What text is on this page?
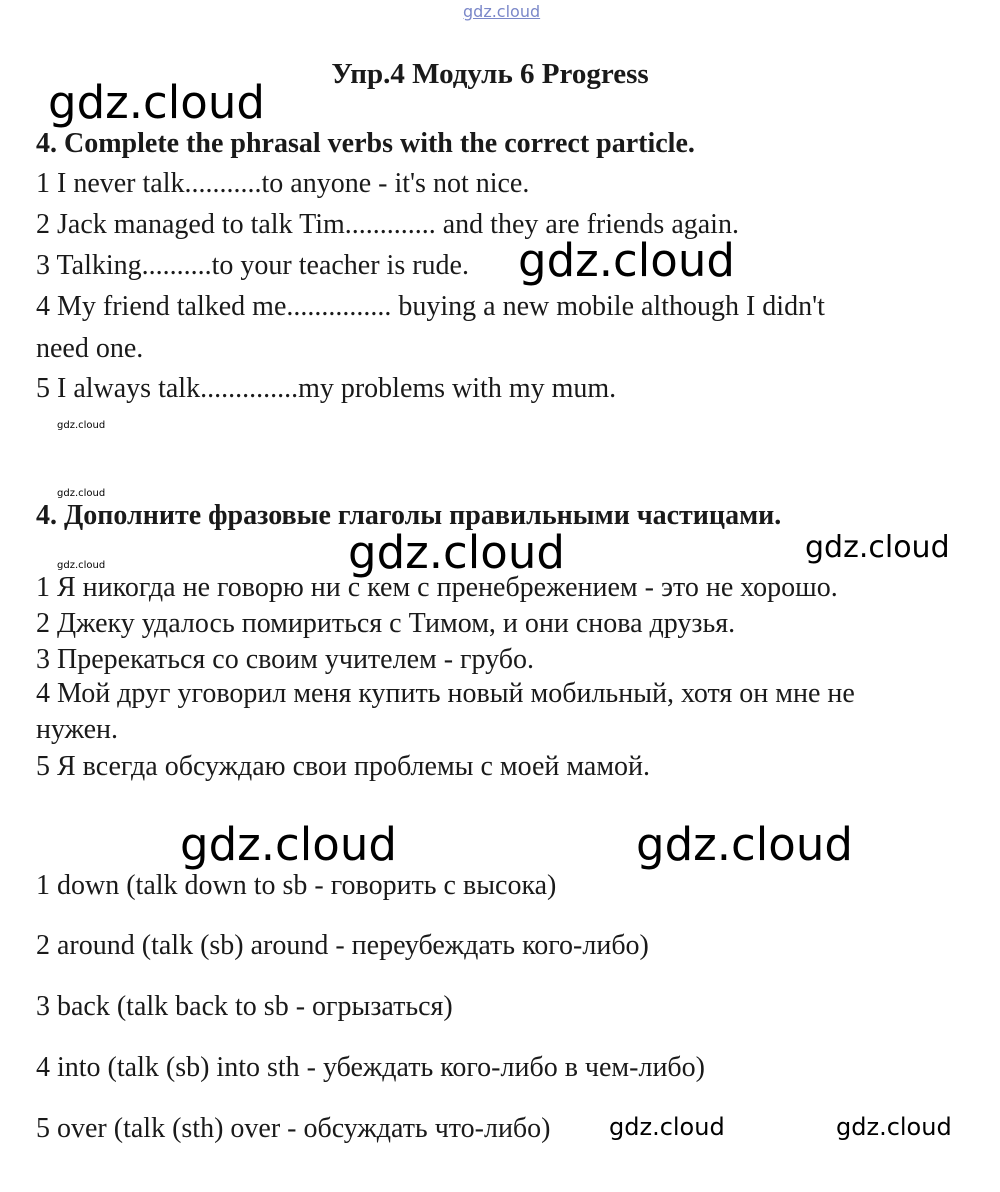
gdz.cloud
Упр.4 Модуль 6 Progress
gdz.cloud
4. Complete the phrasal verbs with the correct particle.
1 I never talk...........to anyone - it's not nice.
2 Jack managed to talk Tim............. and they are friends again.
3 Talking..........to your teacher is rude.
4 My friend talked me............... buying a new mobile although I didn't
need one.
5 I always talk..............my problems with my mum.
gdz.cloud
gdz.cloud
gdz.cloud
gdz.cloud
4. Дополните фразовые глаголы правильными частицами.
gdz.cloud	gdz.cloud
1 Я никогда не говорю ни с кем с пренебрежением - это не хорошо.
2 Джеку удалось помириться с Тимом, и они снова друзья.
3 Пререкаться со своим учителем - грубо.
4 Мой друг уговорил меня купить новый мобильный, хотя он мне не
нужен.
5 Я всегда обсуждаю свои проблемы с моей мамой.
gdz.cloud	gdz.cloud
1 down (talk down to sb - говорить с высока)
2 around (talk (sb) around - переубеждать кого-либо)
3 back (talk back to sb - огрызаться)
4 into (talk (sb) into sth - убеждать кого-либо в чем-либо)
5 over (talk (sth) over - обсуждать что-либо) gdz.cloud	gdz.cloud
